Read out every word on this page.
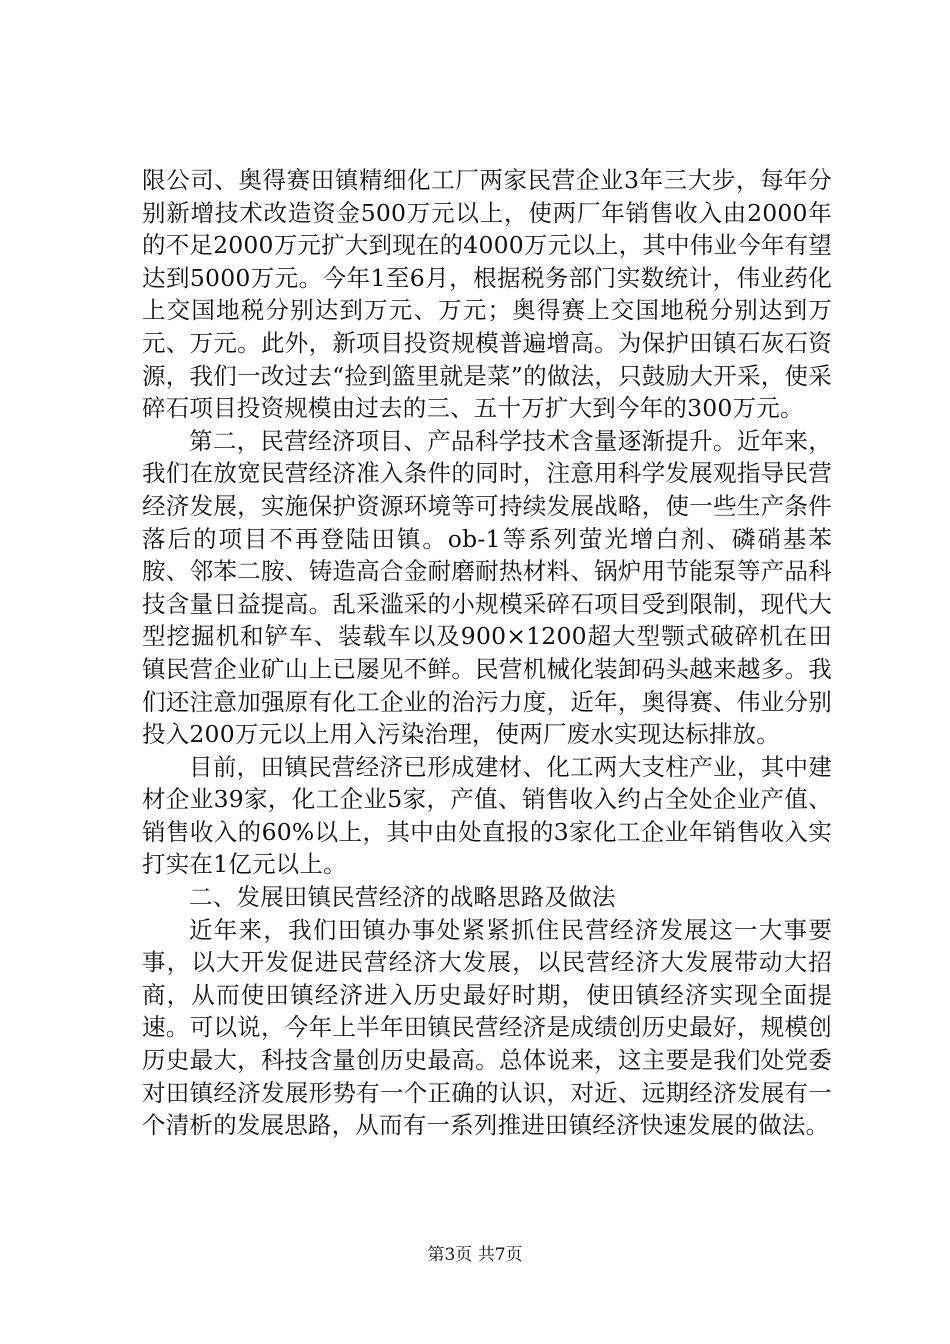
限公司、奥得赛田镇精细化工厂两家民营企业3年三大步，每年分别新增技术改造资金500万元以上，使两厂年销售收入由2000年的不足2000万元扩大到现在的4000万元以上，其中伟业今年有望达到5000万元。今年1至6月，根据税务部门实数统计，伟业药化上交国地税分别达到万元、万元；奥得赛上交国地税分别达到万元、万元。此外，新项目投资规模普遍增高。为保护田镇石灰石资源，我们一改过去“捡到篮里就是菜”的做法，只鼓励大开采，使采碎石项目投资规模由过去的三、五十万扩大到今年的300万元。

第二，民营经济项目、产品科学技术含量逐渐提升。近年来，我们在放宽民营经济准入条件的同时，注意用科学发展观指导民营经济发展，实施保护资源环境等可持续发展战略，使一些生产条件落后的项目不再登陆田镇。ob-1等系列萤光增白剂、磷硝基苯胺、邻苯二胺、铸造高合金耐磨耐热材料、锅炉用节能泵等产品科技含量日益提高。乱采滥采的小规模采碎石项目受到限制，现代大型挖掘机和铲车、装载车以及900×1200超大型颚式破碎机在田镇民营企业矿山上已屡见不鲜。民营机械化装卸码头越来越多。我们还注意加强原有化工企业的治污力度，近年，奥得赛、伟业分别投入200万元以上用入污染治理，使两厂废水实现达标排放。

目前，田镇民营经济已形成建材、化工两大支柱产业，其中建材企业39家，化工企业5家，产值、销售收入约占全处企业产值、销售收入的60%以上，其中由处直报的3家化工企业年销售收入实打实在1亿元以上。

二、发展田镇民营经济的战略思路及做法

近年来，我们田镇办事处紧紧抓住民营经济发展这一大事要事，以大开发促进民营经济大发展，以民营经济大发展带动大招商，从而使田镇经济进入历史最好时期，使田镇经济实现全面提速。可以说，今年上半年田镇民营经济是成绩创历史最好，规模创历史最大，科技含量创历史最高。总体说来，这主要是我们处党委对田镇经济发展形势有一个正确的认识，对近、远期经济发展有一个清析的发展思路，从而有一系列推进田镇经济快速发展的做法。

第3页 共7页
